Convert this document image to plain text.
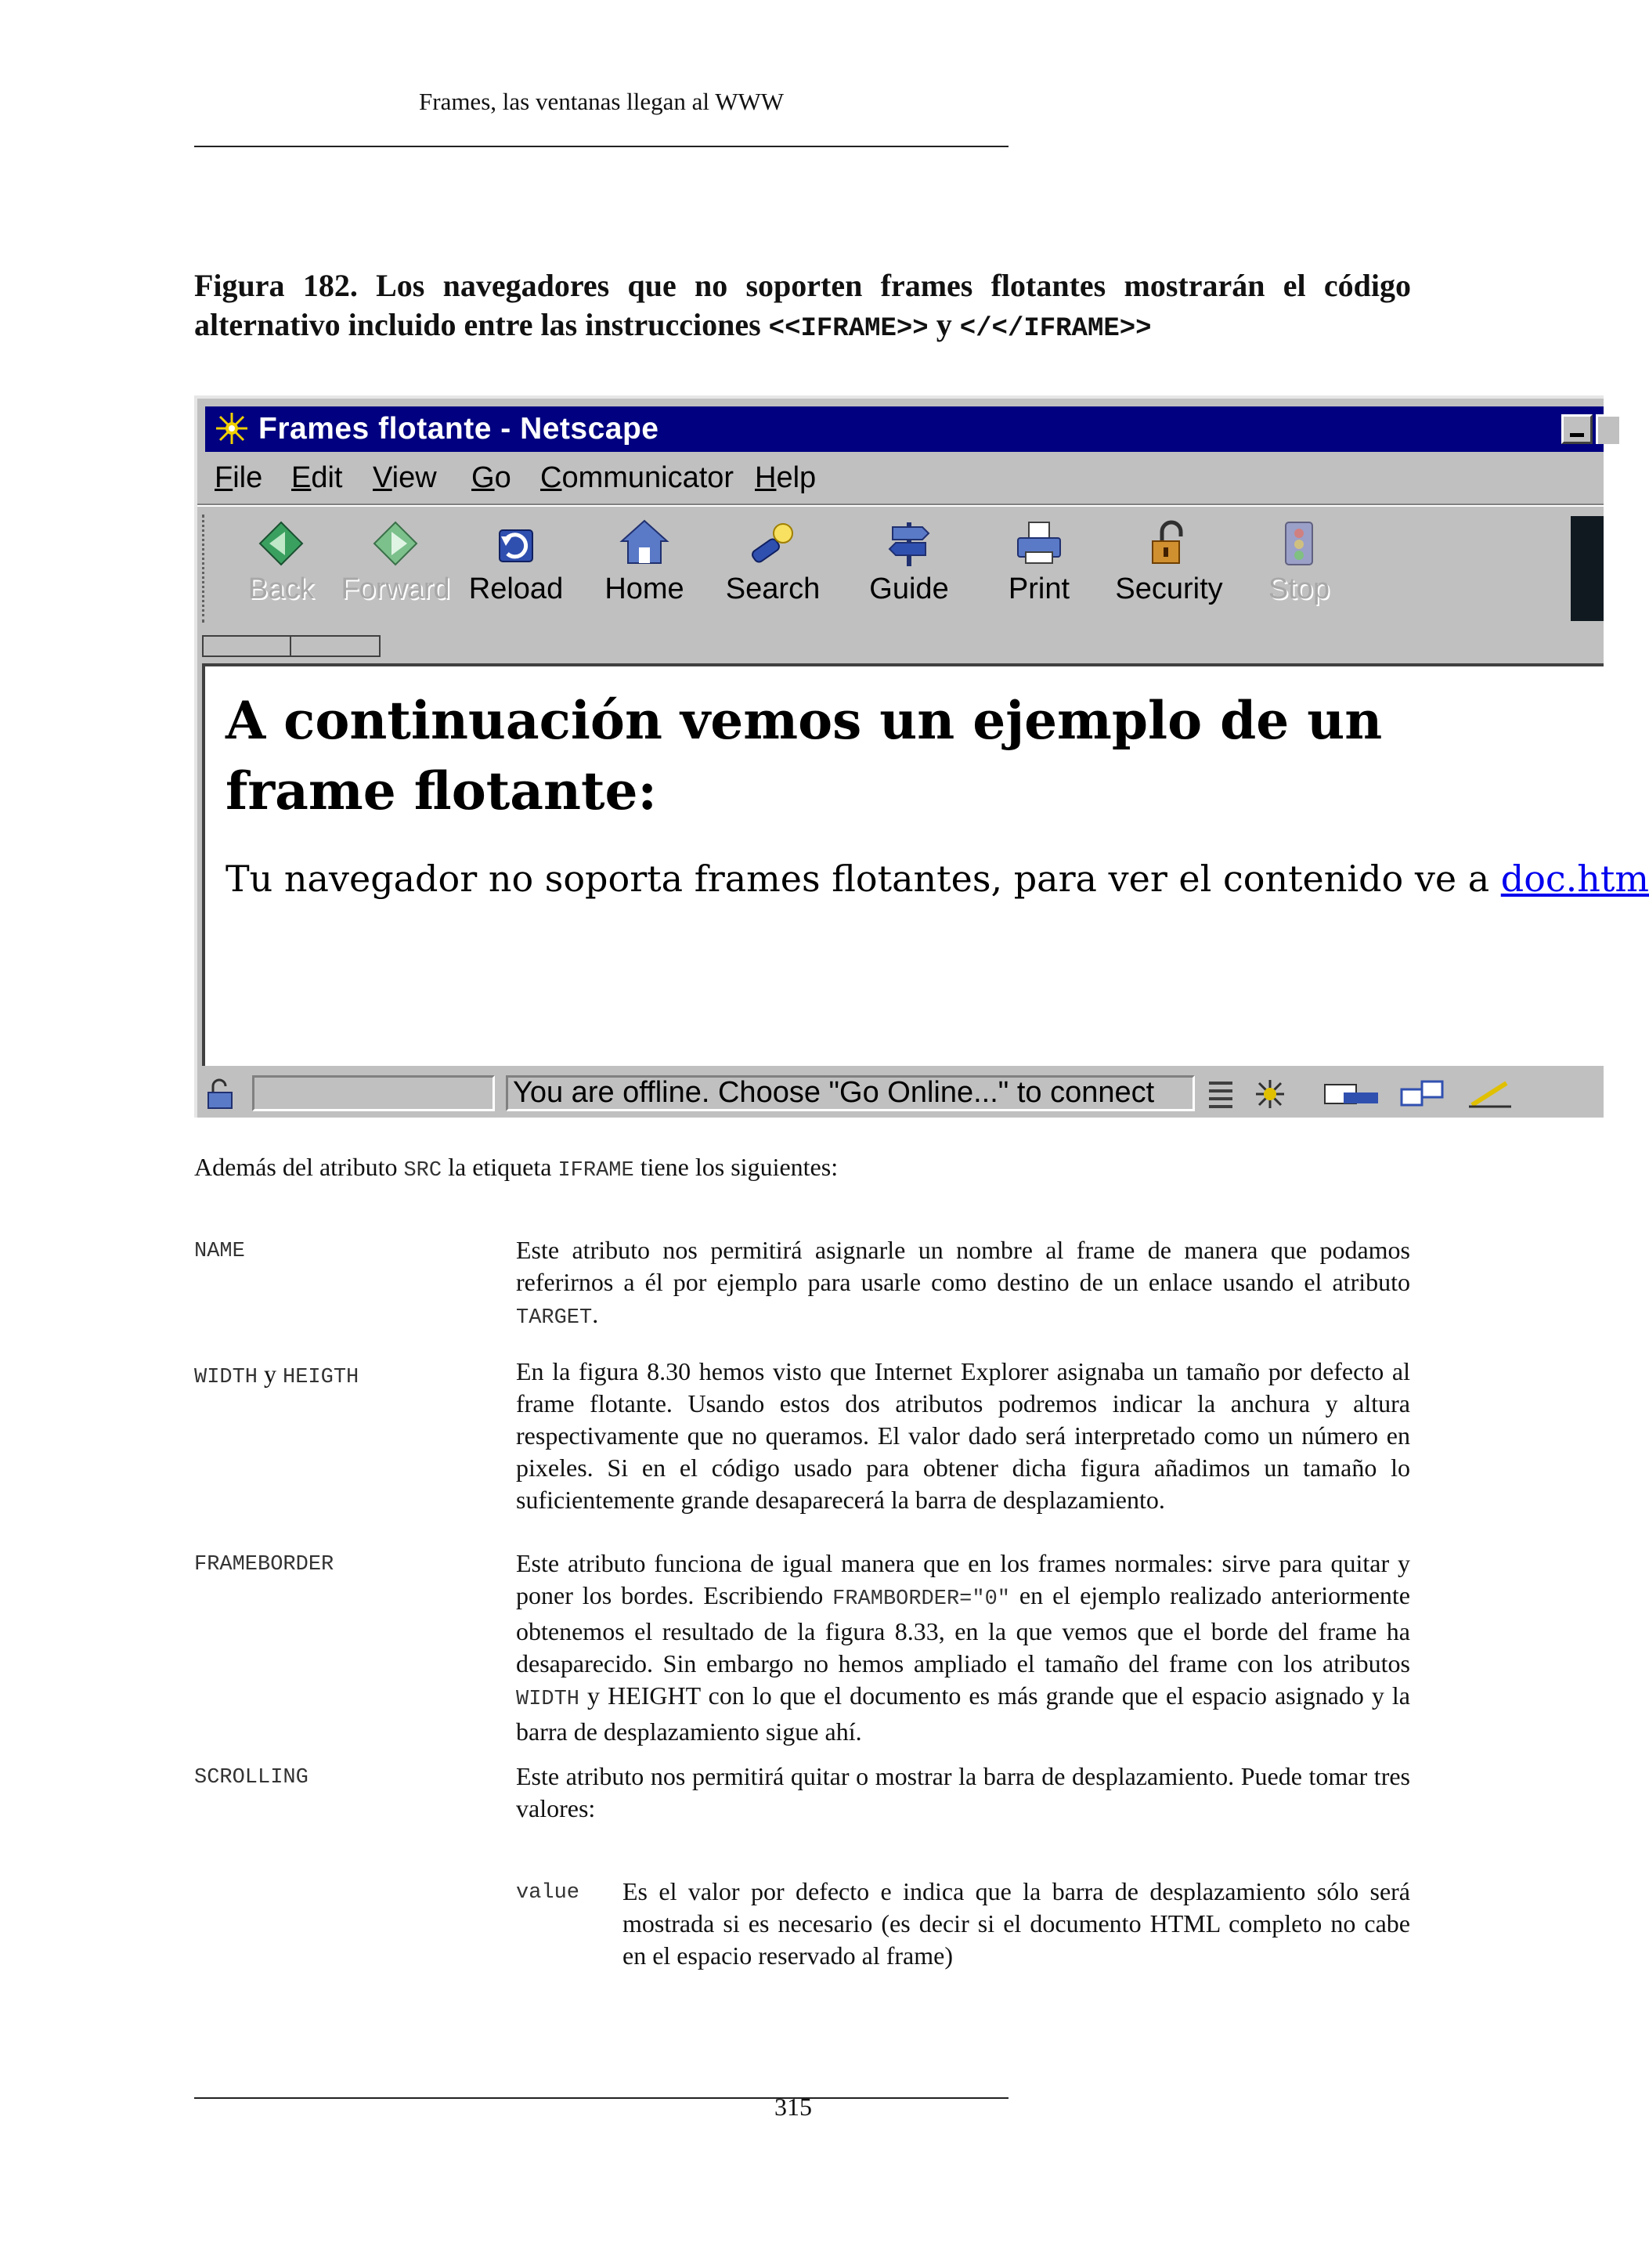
Frames, las ventanas llegan al WWW
Figura 182. Los navegadores que no soporten frames flotantes mostrarán el código alternativo incluido entre las instrucciones <<IFRAME>> y </</IFRAME>>
Frames flotante - Netscape
File Edit View Go Communicator Help
Back Forward Reload	Home	Search	Guide	Print	Security	Stop
A continuación vemos un ejemplo de un frame flotante:
Tu navegador no soporta frames flotantes, para ver el contenido ve a doc.htm
You are offline. Choose "Go Online..." to connect
Además del atributo SRC la etiqueta IFRAME tiene los siguientes:
NAME	Este atributo nos permitirá asignarle un nombre al frame de manera que podamos referirnos a él por ejemplo para usarle como destino de un enlace usando el atributo TARGET.
WIDTH y HEIGTH	En la figura 8.30 hemos visto que Internet Explorer asignaba un tamaño por defecto al frame flotante. Usando estos dos atributos podremos indicar la anchura y altura respectivamente que no queramos. El valor dado será interpretado como un número en pixeles. Si en el código usado para obtener dicha figura añadimos un tamaño lo suficientemente grande desaparecerá la barra de desplazamiento.
FRAMEBORDER	Este atributo funciona de igual manera que en los frames normales: sirve para quitar y poner los bordes. Escribiendo FRAMBORDER="0" en el ejemplo realizado anteriormente obtenemos el resultado de la figura 8.33, en la que vemos que el borde del frame ha desaparecido. Sin embargo no hemos ampliado el tamaño del frame con los atributos WIDTH y HEIGHT con lo que el documento es más grande que el espacio asignado y la barra de desplazamiento sigue ahí.
SCROLLING	Este atributo nos permitirá quitar o mostrar la barra de desplazamiento. Puede tomar tres valores:
value Es el valor por defecto e indica que la barra de desplazamiento sólo será mostrada si es necesario (es decir si el documento HTML completo no cabe en el espacio reservado al frame)
315
